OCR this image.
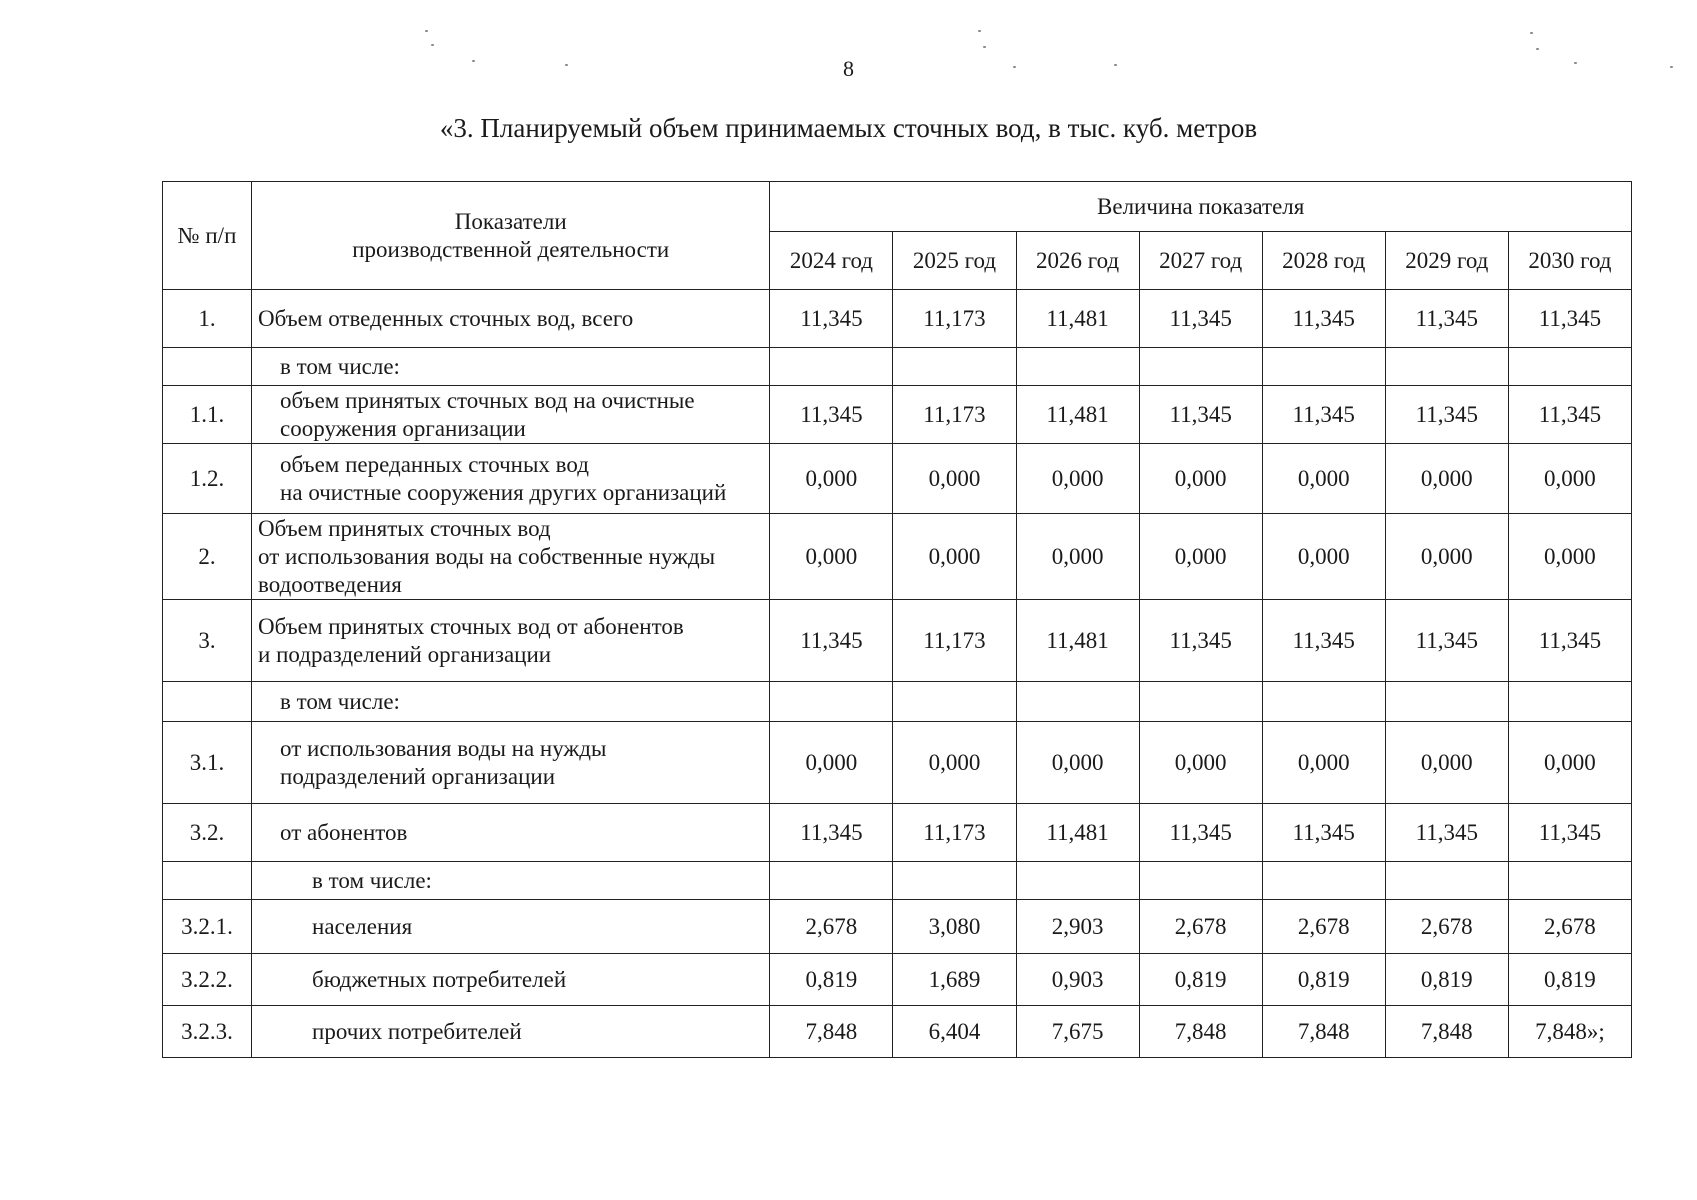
8
«3. Планируемый объем принимаемых сточных вод, в тыс. куб. метров
№ п/п	Показатели
производственной деятельности	Величина показателя						
		2024 год	2025 год	2026 год	2027 год	2028 год	2029 год	2030 год
1.	Объем отведенных сточных вод, всего	11,345	11,173	11,481	11,345	11,345	11,345	11,345

	в том числе:							

1.1.	объем принятых сточных вод на очистные
сооружения организации	11,345	11,173	11,481	11,345	11,345	11,345	11,345
1.2.	объем переданных сточных вод
на очистные сооружения других организаций	0,000	0,000	0,000	0,000	0,000	0,000	0,000
2.	Объем принятых сточных вод
от использования воды на собственные нужды
водоотведения	0,000	0,000	0,000	0,000	0,000	0,000	0,000
3.	Объем принятых сточных вод от абонентов
и подразделений организации	11,345	11,173	11,481	11,345	11,345	11,345	11,345

	в том числе:							

3.1.	от использования воды на нужды
подразделений организации	0,000	0,000	0,000	0,000	0,000	0,000	0,000
3.2.	от абонентов	11,345	11,173	11,481	11,345	11,345	11,345	11,345

	в том числе:							

3.2.1.	населения	2,678	3,080	2,903	2,678	2,678	2,678	2,678
3.2.2.	бюджетных потребителей	0,819	1,689	0,903	0,819	0,819	0,819	0,819
3.2.3.	прочих потребителей	7,848	6,404	7,675	7,848	7,848	7,848	7,848»;
